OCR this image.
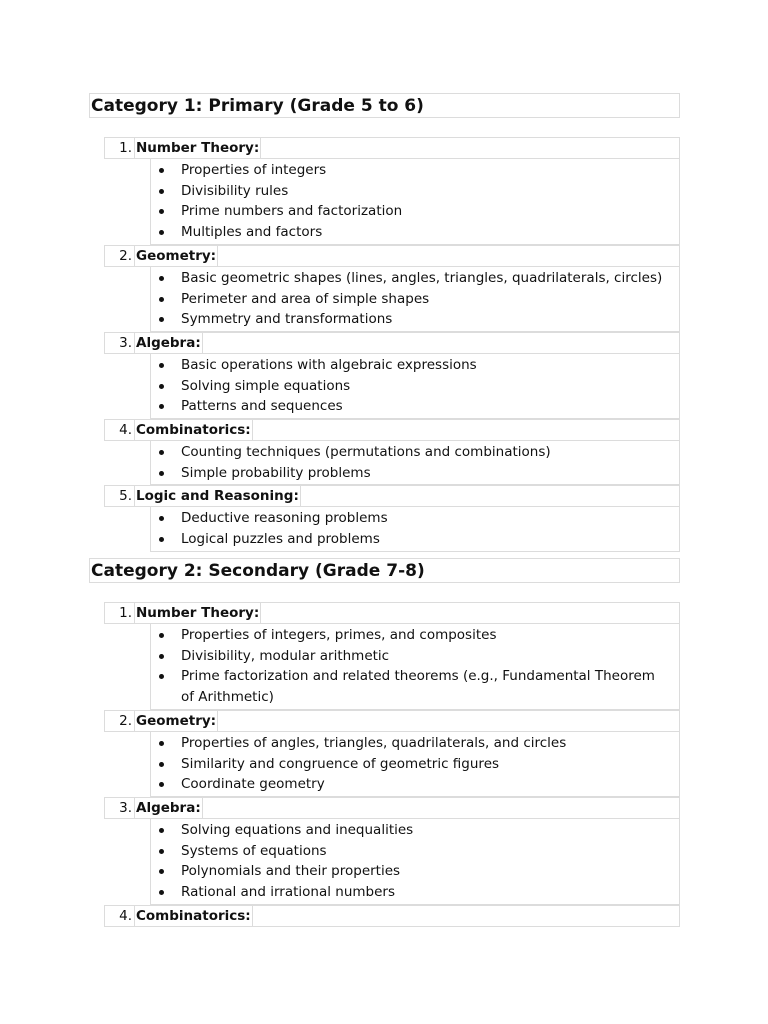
Category 1: Primary (Grade 5 to 6)
1. Number Theory:
Properties of integers
Divisibility rules
Prime numbers and factorization
Multiples and factors
2. Geometry:
Basic geometric shapes (lines, angles, triangles, quadrilaterals, circles)
Perimeter and area of simple shapes
Symmetry and transformations
3. Algebra:
Basic operations with algebraic expressions
Solving simple equations
Patterns and sequences
4. Combinatorics:
Counting techniques (permutations and combinations)
Simple probability problems
5. Logic and Reasoning:
Deductive reasoning problems
Logical puzzles and problems
Category 2: Secondary (Grade 7-8)
1. Number Theory:
Properties of integers, primes, and composites
Divisibility, modular arithmetic
Prime factorization and related theorems (e.g., Fundamental Theorem of Arithmetic)
2. Geometry:
Properties of angles, triangles, quadrilaterals, and circles
Similarity and congruence of geometric figures
Coordinate geometry
3. Algebra:
Solving equations and inequalities
Systems of equations
Polynomials and their properties
Rational and irrational numbers
4. Combinatorics:
